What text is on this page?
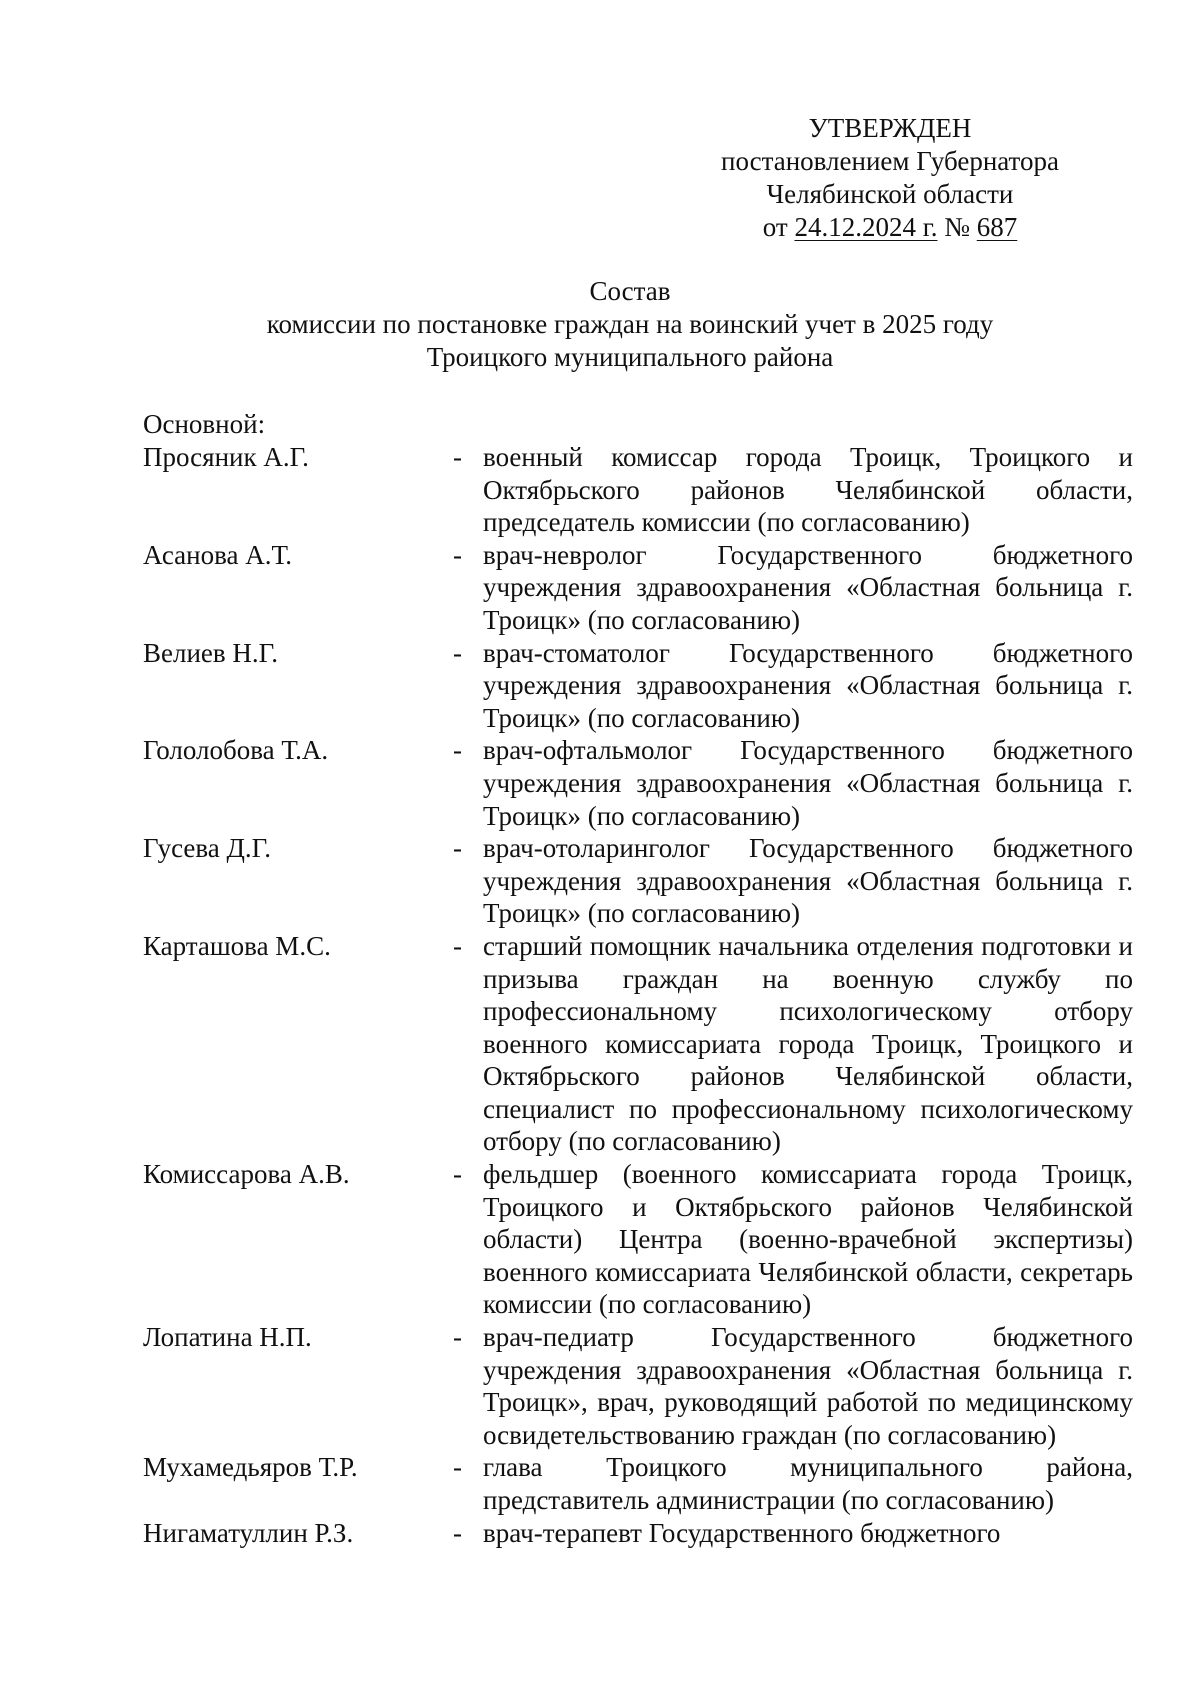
УТВЕРЖДЕН
постановлением Губернатора
Челябинской области
от 24.12.2024 г. № 687
Состав
комиссии по постановке граждан на воинский учет в 2025 году
Троицкого муниципального района
Основной:
Просяник А.Г.	- военный комиссар города Троицк, Троицкого и Октябрьского районов Челябинской области, председатель комиссии (по согласованию)
Асанова А.Т.	- врач-невролог Государственного бюджетного учреждения здравоохранения «Областная больница г. Троицк» (по согласованию)
Велиев Н.Г.	- врач-стоматолог Государственного бюджетного учреждения здравоохранения «Областная больница г. Троицк» (по согласованию)
Гололобова Т.А.	- врач-офтальмолог Государственного бюджетного учреждения здравоохранения «Областная больница г. Троицк» (по согласованию)
Гусева Д.Г.	- врач-отоларинголог Государственного бюджетного учреждения здравоохранения «Областная больница г. Троицк» (по согласованию)
Карташова М.С.	- старший помощник начальника отделения подготовки и призыва граждан на военную службу по профессиональному психологическому отбору военного комиссариата города Троицк, Троицкого и Октябрьского районов Челябинской области, специалист по профессиональному психологическому отбору (по согласованию)
Комиссарова А.В.	- фельдшер (военного комиссариата города Троицк, Троицкого и Октябрьского районов Челябинской области) Центра (военно-врачебной экспертизы) военного комиссариата Челябинской области, секретарь комиссии (по согласованию)
Лопатина Н.П.	- врач-педиатр Государственного бюджетного учреждения здравоохранения «Областная больница г. Троицк», врач, руководящий работой по медицинскому освидетельствованию граждан (по согласованию)
Мухамедьяров Т.Р.	- глава Троицкого муниципального района, представитель администрации (по согласованию)
Нигаматуллин Р.З.	- врач-терапевт Государственного бюджетного
